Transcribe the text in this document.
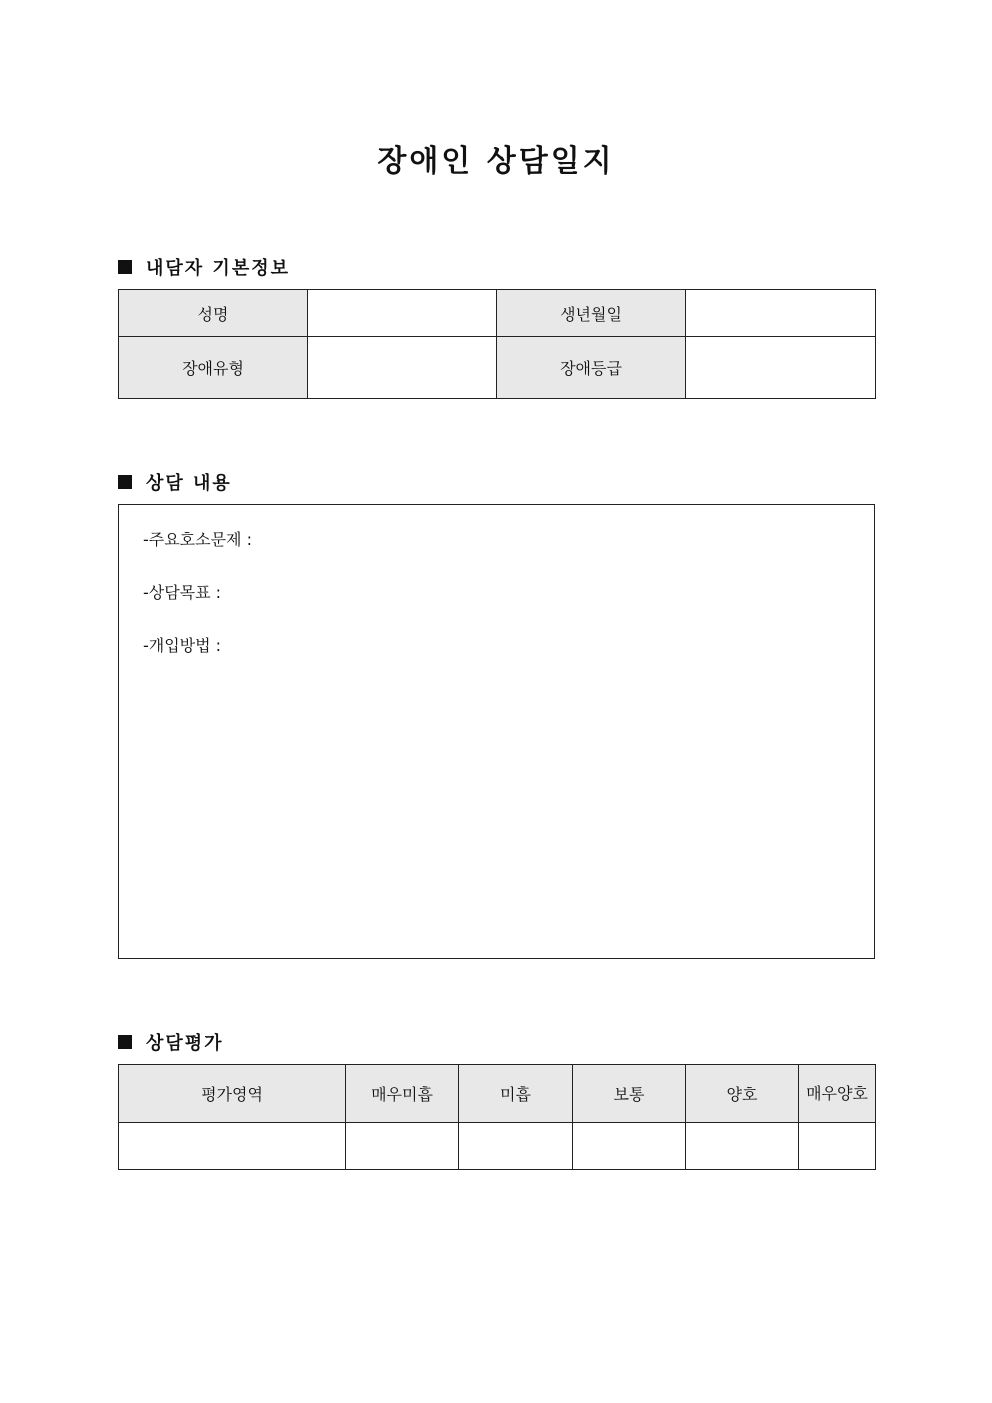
장애인 상담일지
내담자 기본정보
성명		생년월일	
장애유형		장애등급	
상담 내용
-주요호소문제 :
-상담목표 :
-개입방법 :
상담평가
평가영역	매우미흡	미흡	보통	양호	매우양호
